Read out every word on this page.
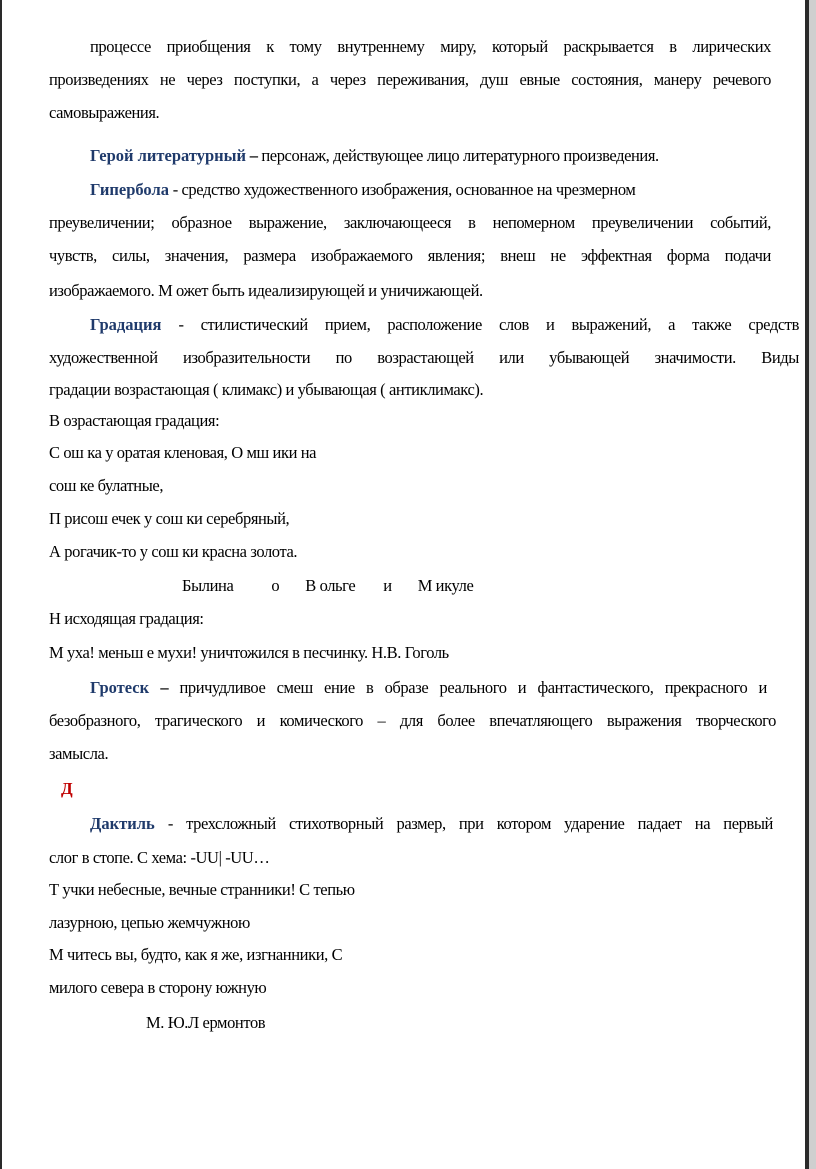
процессе приобщения к тому внутреннему миру, который раскрывается в лирических
произведениях не через поступки, а через переживания, душ евные состояния, манеру речевого
самовыражения.
Герой литературный – персонаж, действующее лицо литературного произведения.
Гипербола - средство художественного изображения, основанное на чрезмерном
преувеличении; образное выражение, заключающееся в непомерном преувеличении событий,
чувств, силы, значения, размера изображаемого явления; внеш не эффектная форма подачи
изображаемого. М ожет быть идеализирующей и уничижающей.
Градация - стилистический прием, расположение слов и выражений, а также средств
художественной изобразительности по возрастающей или убывающей значимости. Виды
градации возрастающая ( климакс) и убывающая ( антиклимакс).
В озрастающая градация:
С ош ка у оратая кленовая, О мш ики на
сош ке булатные,
П рисош ечек у сош ки серебряный,
А рогачик-то у сош ки красна золота.
Былина о В ольге и М икуле
Н исходящая градация:
М уха! меньш е мухи! уничтожился в песчинку. Н.В. Гоголь
Гротеск – причудливое смеш ение в образе реального и фантастического, прекрасного и
безобразного, трагического и комического – для более впечатляющего выражения творческого
замысла.
Д
Дактиль - трехсложный стихотворный размер, при котором ударение падает на первый
слог в стопе. С хема: -UU| -UU…
Т учки небесные, вечные странники! С тепью
лазурною, цепью жемчужною
М читесь вы, будто, как я же, изгнанники, С
милого севера в сторону южную
М. Ю.Л ермонтов
